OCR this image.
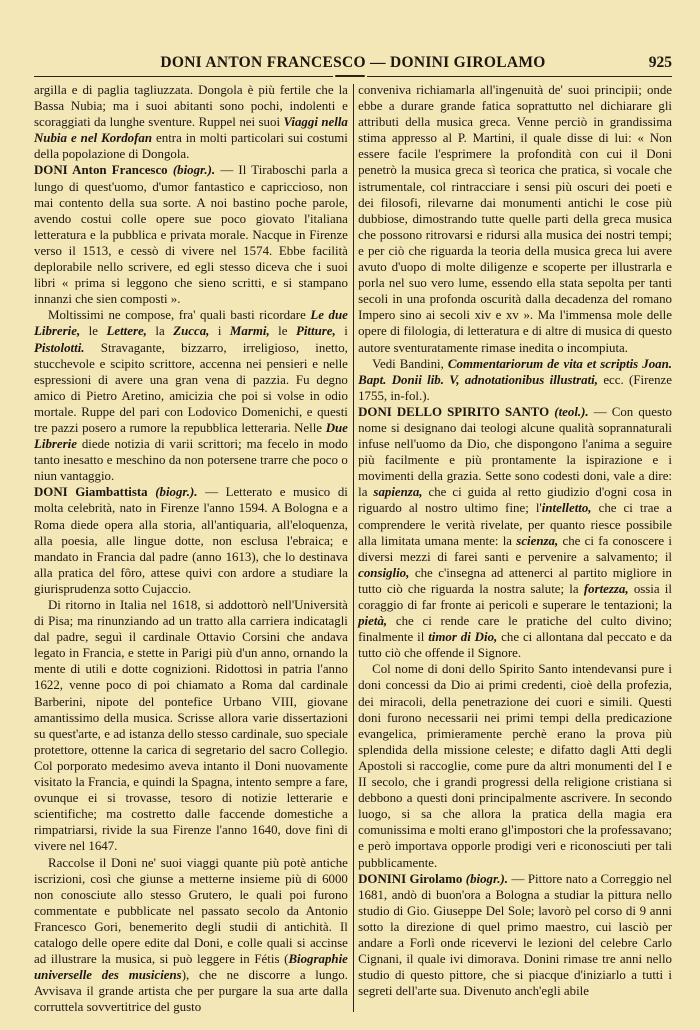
DONI ANTON FRANCESCO — DONINI GIROLAMO	925

argilla e di paglia tagliuzzata. Dongola è più fertile che la Bassa Nubia; ma i suoi abitanti sono pochi, indolenti e scoraggiati da lunghe sventure. Ruppel nei suoi Viaggi nella Nubia e nel Kordofan entra in molti particolari sui costumi della popolazione di Dongola.

DONI Anton Francesco (biogr.). — Il Tiraboschi parla a lungo di quest'uomo, d'umor fantastico e capriccioso, non mai contento della sua sorte. A noi bastino poche parole, avendo costui colle opere sue poco giovato l'italiana letteratura e la pubblica e privata morale. Nacque in Firenze verso il 1513, e cessò di vivere nel 1574. Ebbe facilità deplorabile nello scrivere, ed egli stesso diceva che i suoi libri « prima si leggono che sieno scritti, e si stampano innanzi che sien composti ».

Moltissimi ne compose, fra' quali basti ricordare Le due Librerie, le Lettere, la Zucca, i Marmi, le Pitture, i Pistolotti. Stravagante, bizzarro, irreligioso, inetto, stucchevole e scipito scrittore, accenna nei pensieri e nelle espressioni di avere una gran vena di pazzia. Fu degno amico di Pietro Aretino, amicizia che poi si volse in odio mortale. Ruppe del pari con Lodovico Domenichi, e questi tre pazzi posero a rumore la repubblica letteraria. Nelle Due Librerie diede notizia di varii scrittori; ma fecelo in modo tanto inesatto e meschino da non potersene trarre che poco o niun vantaggio.

DONI Giambattista (biogr.). — Letterato e musico di molta celebrità, nato in Firenze l'anno 1594. A Bologna e a Roma diede opera alla storia, all'antiquaria, all'eloquenza, alla poesia, alle lingue dotte, non esclusa l'ebraica; e mandato in Francia dal padre (anno 1613), che lo destinava alla pratica del fôro, attese quivi con ardore a studiare la giurisprudenza sotto Cujaccio.

Di ritorno in Italia nel 1618, si addottorò nell'Università di Pisa; ma rinunziando ad un tratto alla carriera indicatagli dal padre, seguì il cardinale Ottavio Corsini che andava legato in Francia, e stette in Parigi più d'un anno, ornando la mente di utili e dotte cognizioni. Ridottosi in patria l'anno 1622, venne poco di poi chiamato a Roma dal cardinale Barberini, nipote del pontefice Urbano VIII, giovane amantissimo della musica. Scrisse allora varie dissertazioni su quest'arte, e ad istanza dello stesso cardinale, suo speciale protettore, ottenne la carica di segretario del sacro Collegio. Col porporato medesimo aveva intanto il Doni nuovamente visitato la Francia, e quindi la Spagna, intento sempre a fare, ovunque ei si trovasse, tesoro di notizie letterarie e scientifiche; ma costretto dalle faccende domestiche a rimpatriarsi, rivide la sua Firenze l'anno 1640, dove finì di vivere nel 1647.

Raccolse il Doni ne' suoi viaggi quante più potè antiche iscrizioni, così che giunse a metterne insieme più di 6000 non conosciute allo stesso Grutero, le quali poi furono commentate e pubblicate nel passato secolo da Antonio Francesco Gori, benemerito degli studii di antichità. Il catalogo delle opere edite dal Doni, e colle quali si accinse ad illustrare la musica, si può leggere in Fétis (Biographie universelle des musiciens), che ne discorre a lungo. Avvisava il grande artista che per purgare la sua arte dalla corruttela sovvertitrice del gusto

conveniva richiamarla all'ingenuità de' suoi principii; onde ebbe a durare grande fatica soprattutto nel dichiarare gli attributi della musica greca. Venne perciò in grandissima stima appresso al P. Martini, il quale disse di lui: « Non essere facile l'esprimere la profondità con cui il Doni penetrò la musica greca sì teorica che pratica, sì vocale che istrumentale, col rintracciare i sensi più oscuri dei poeti e dei filosofi, rilevarne dai monumenti antichi le cose più dubbiose, dimostrando tutte quelle parti della greca musica che possono ritrovarsi e ridursi alla musica dei nostri tempi; e per ciò che riguarda la teoria della musica greca lui avere avuto d'uopo di molte diligenze e scoperte per illustrarla e porla nel suo vero lume, essendo ella stata sepolta per tanti secoli in una profonda oscurità dalla decadenza del romano Impero sino ai secoli xiv e xv ». Ma l'immensa mole delle opere di filologia, di letteratura e di altre di musica di questo autore sventuratamente rimase inedita o incompiuta.

Vedi Bandini, Commentariorum de vita et scriptis Joan. Bapt. Donii lib. V, adnotationibus illustrati, ecc. (Firenze 1755, in-fol.).

DONI DELLO SPIRITO SANTO (teol.). — Con questo nome si designano dai teologi alcune qualità soprannaturali infuse nell'uomo da Dio, che dispongono l'anima a seguire più facilmente e più prontamente la ispirazione e i movimenti della grazia. Sette sono codesti doni, vale a dire: la sapienza, che ci guida al retto giudizio d'ogni cosa in riguardo al nostro ultimo fine; l'intelletto, che ci trae a comprendere le verità rivelate, per quanto riesce possibile alla limitata umana mente: la scienza, che ci fa conoscere i diversi mezzi di farei santi e pervenire a salvamento; il consiglio, che c'insegna ad attenerci al partito migliore in tutto ciò che riguarda la nostra salute; la fortezza, ossia il coraggio di far fronte ai pericoli e superare le tentazioni; la pietà, che ci rende care le pratiche del culto divino; finalmente il timor di Dio, che ci allontana dal peccato e da tutto ciò che offende il Signore.

Col nome di doni dello Spirito Santo intendevansi pure i doni concessi da Dio ai primi credenti, cioè della profezia, dei miracoli, della penetrazione dei cuori e simili. Questi doni furono necessarii nei primi tempi della predicazione evangelica, primieramente perchè erano la prova più splendida della missione celeste; e difatto dagli Atti degli Apostoli si raccoglie, come pure da altri monumenti del I e II secolo, che i grandi progressi della religione cristiana si debbono a questi doni principalmente ascrivere. In secondo luogo, si sa che allora la pratica della magia era comunissima e molti erano gl'impostori che la professavano; e però importava opporle prodigi veri e riconosciuti per tali pubblicamente.

DONINI Girolamo (biogr.). — Pittore nato a Correggio nel 1681, andò di buon'ora a Bologna a studiar la pittura nello studio di Gio. Giuseppe Del Sole; lavorò pel corso di 9 anni sotto la direzione di quel primo maestro, cui lasciò per andare a Forlì onde ricevervi le lezioni del celebre Carlo Cignani, il quale ivi dimorava. Donini rimase tre anni nello studio di questo pittore, che si piacque d'iniziarlo a tutti i segreti dell'arte sua. Divenuto anch'egli abile
